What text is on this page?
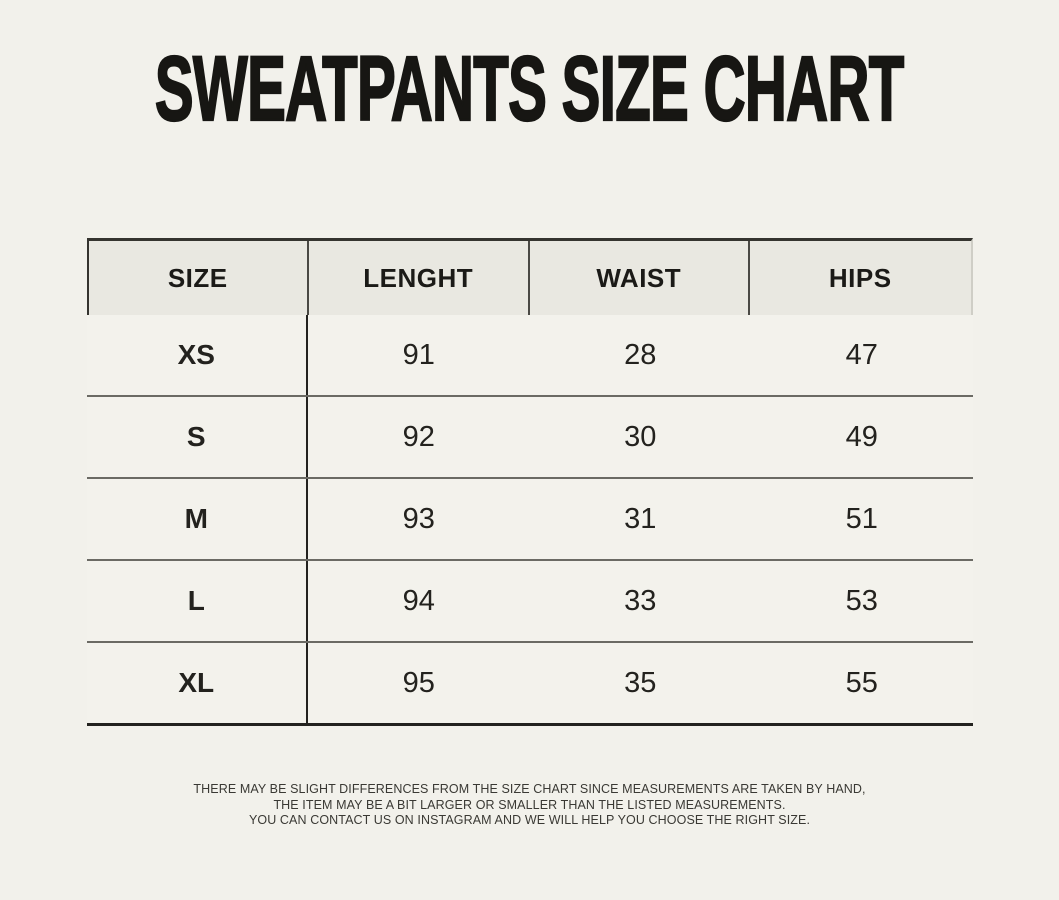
SWEATPANTS SIZE CHART
SIZE	LENGHT	WAIST	HIPS
XS	91	28	47
S	92	30	49
M	93	31	51
L	94	33	53
XL	95	35	55
THERE MAY BE SLIGHT DIFFERENCES FROM THE SIZE CHART SINCE MEASUREMENTS ARE TAKEN BY HAND,
THE ITEM MAY BE A BIT LARGER OR SMALLER THAN THE LISTED MEASUREMENTS.
YOU CAN CONTACT US ON INSTAGRAM AND WE WILL HELP YOU CHOOSE THE RIGHT SIZE.
